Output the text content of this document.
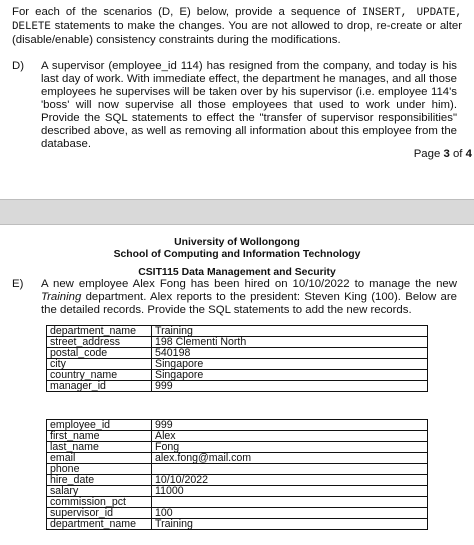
For each of the scenarios (D, E) below, provide a sequence of INSERT, UPDATE, DELETE statements to make the changes. You are not allowed to drop, re-create or alter (disable/enable) consistency constraints during the modifications.
D) A supervisor (employee_id 114) has resigned from the company, and today is his last day of work. With immediate effect, the department he manages, and all those employees he supervises will be taken over by his supervisor (i.e. employee 114's 'boss' will now supervise all those employees that used to work under him). Provide the SQL statements to effect the "transfer of supervisor responsibilities" described above, as well as removing all information about this employee from the database.
Page 3 of 4
University of Wollongong
School of Computing and Information Technology
CSIT115 Data Management and Security
E) A new employee Alex Fong has been hired on 10/10/2022 to manage the new Training department. Alex reports to the president: Steven King (100). Below are the detailed records. Provide the SQL statements to add the new records.
department_name	Training
street_address	198 Clementi North
postal_code	540198
city	Singapore
country_name	Singapore
manager_id	999
employee_id	999
first_name	Alex
last_name	Fong
email	alex.fong@mail.com
phone	
hire_date	10/10/2022
salary	11000
commission_pct	
supervisor_id	100
department_name	Training
